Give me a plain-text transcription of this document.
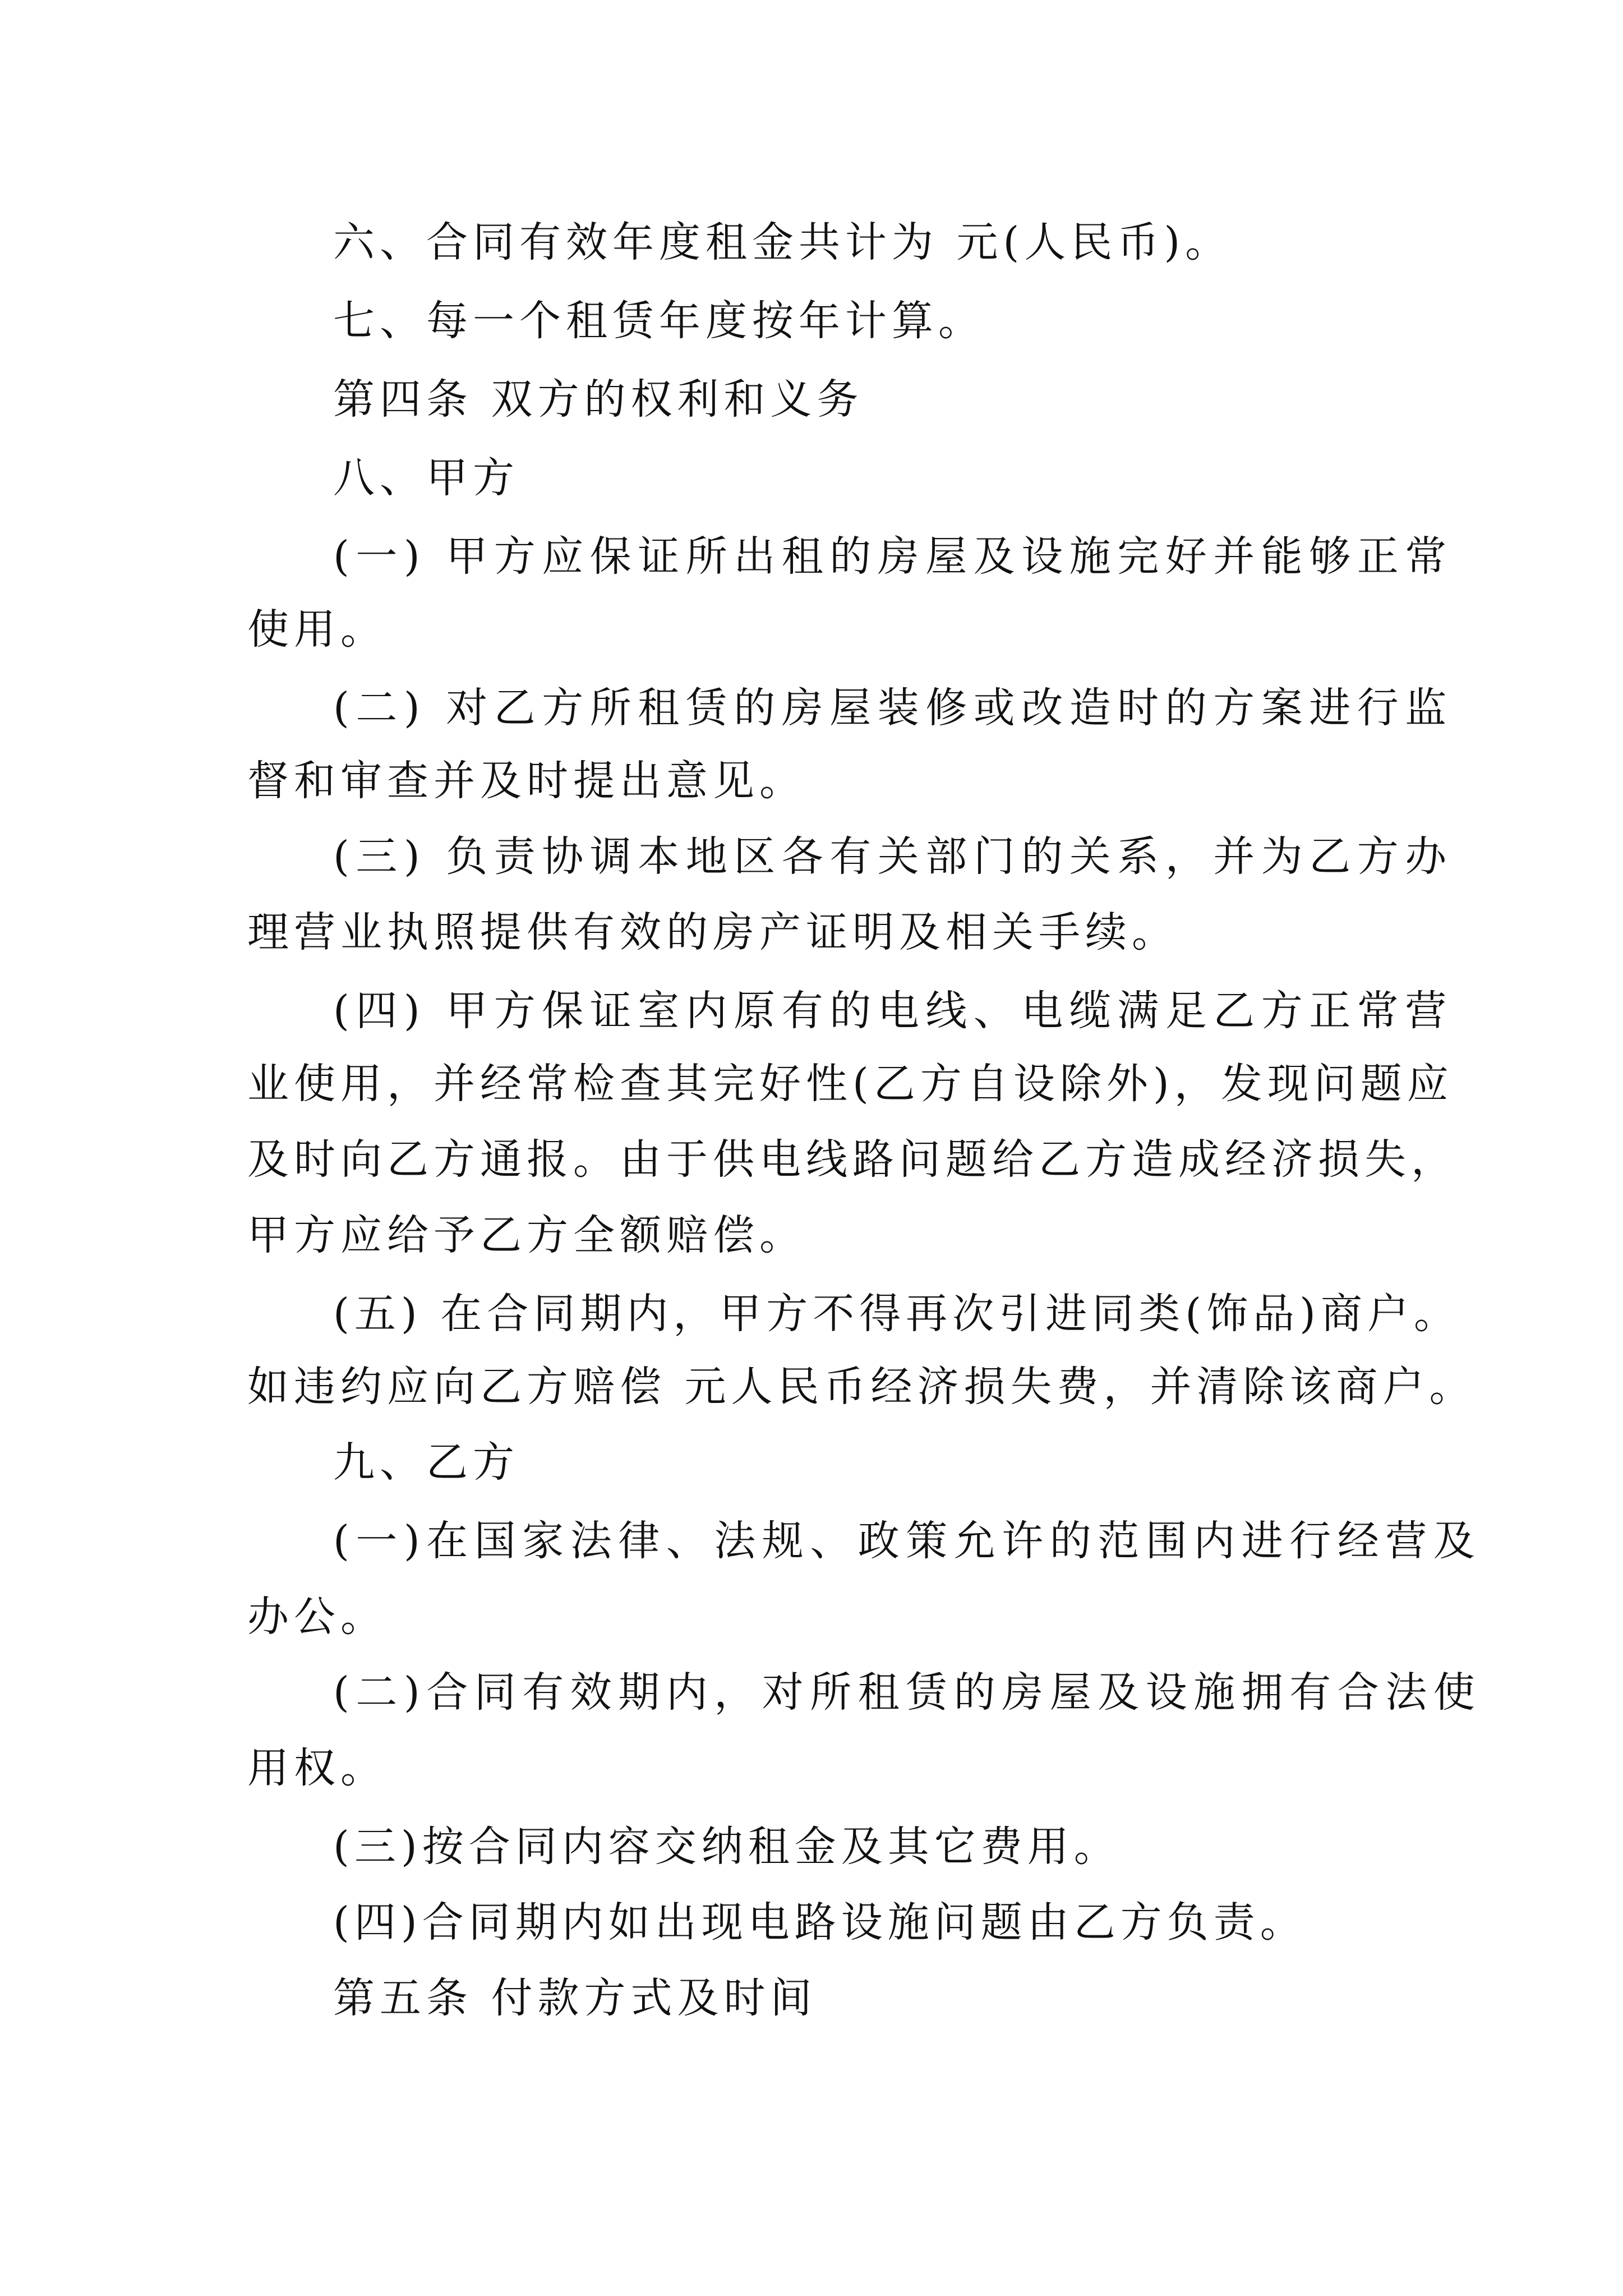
六、合同有效年度租金共计为 元(人民币)。
七、每一个租赁年度按年计算。
第四条 双方的权利和义务
八、甲方
(一) 甲方应保证所出租的房屋及设施完好并能够正常
使用。
(二) 对乙方所租赁的房屋装修或改造时的方案进行监
督和审查并及时提出意见。
(三) 负责协调本地区各有关部门的关系，并为乙方办
理营业执照提供有效的房产证明及相关手续。
(四) 甲方保证室内原有的电线、电缆满足乙方正常营
业使用，并经常检查其完好性(乙方自设除外)，发现问题应
及时向乙方通报。由于供电线路问题给乙方造成经济损失，
甲方应给予乙方全额赔偿。
(五) 在合同期内，甲方不得再次引进同类(饰品)商户。
如违约应向乙方赔偿 元人民币经济损失费，并清除该商户。
九、乙方
(一)在国家法律、法规、政策允许的范围内进行经营及
办公。
(二)合同有效期内，对所租赁的房屋及设施拥有合法使
用权。
(三)按合同内容交纳租金及其它费用。
(四)合同期内如出现电路设施问题由乙方负责。
第五条 付款方式及时间
